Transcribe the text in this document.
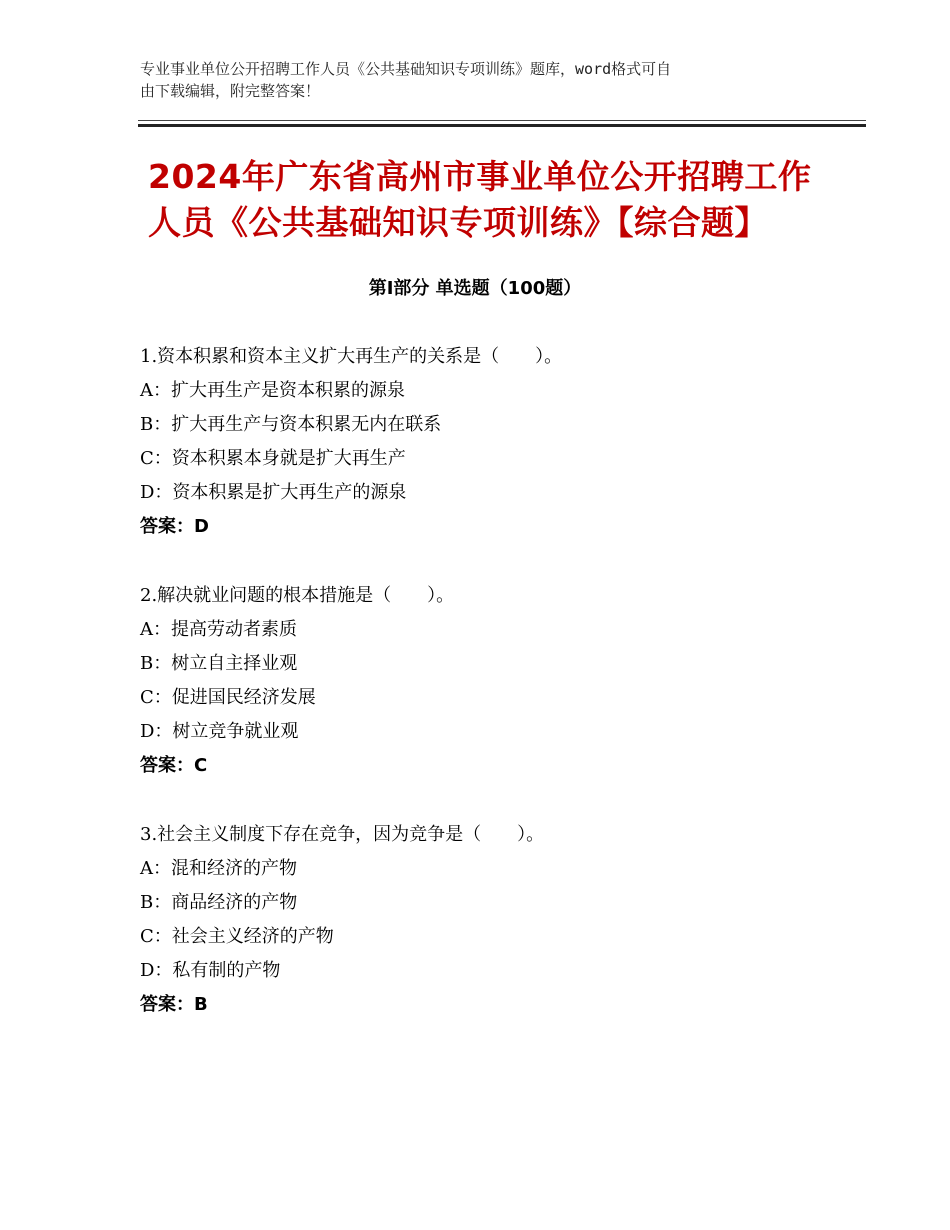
专业事业单位公开招聘工作人员《公共基础知识专项训练》题库，word格式可自
由下载编辑，附完整答案！
2024年广东省高州市事业单位公开招聘工作
人员《公共基础知识专项训练》【综合题】
第Ⅰ部分 单选题（100题）
1.资本积累和资本主义扩大再生产的关系是（　　）。
A：扩大再生产是资本积累的源泉
B：扩大再生产与资本积累无内在联系
C：资本积累本身就是扩大再生产
D：资本积累是扩大再生产的源泉
答案：D
2.解决就业问题的根本措施是（　　）。
A：提高劳动者素质
B：树立自主择业观
C：促进国民经济发展
D：树立竞争就业观
答案：C
3.社会主义制度下存在竞争，因为竞争是（　　）。
A：混和经济的产物
B：商品经济的产物
C：社会主义经济的产物
D：私有制的产物
答案：B
